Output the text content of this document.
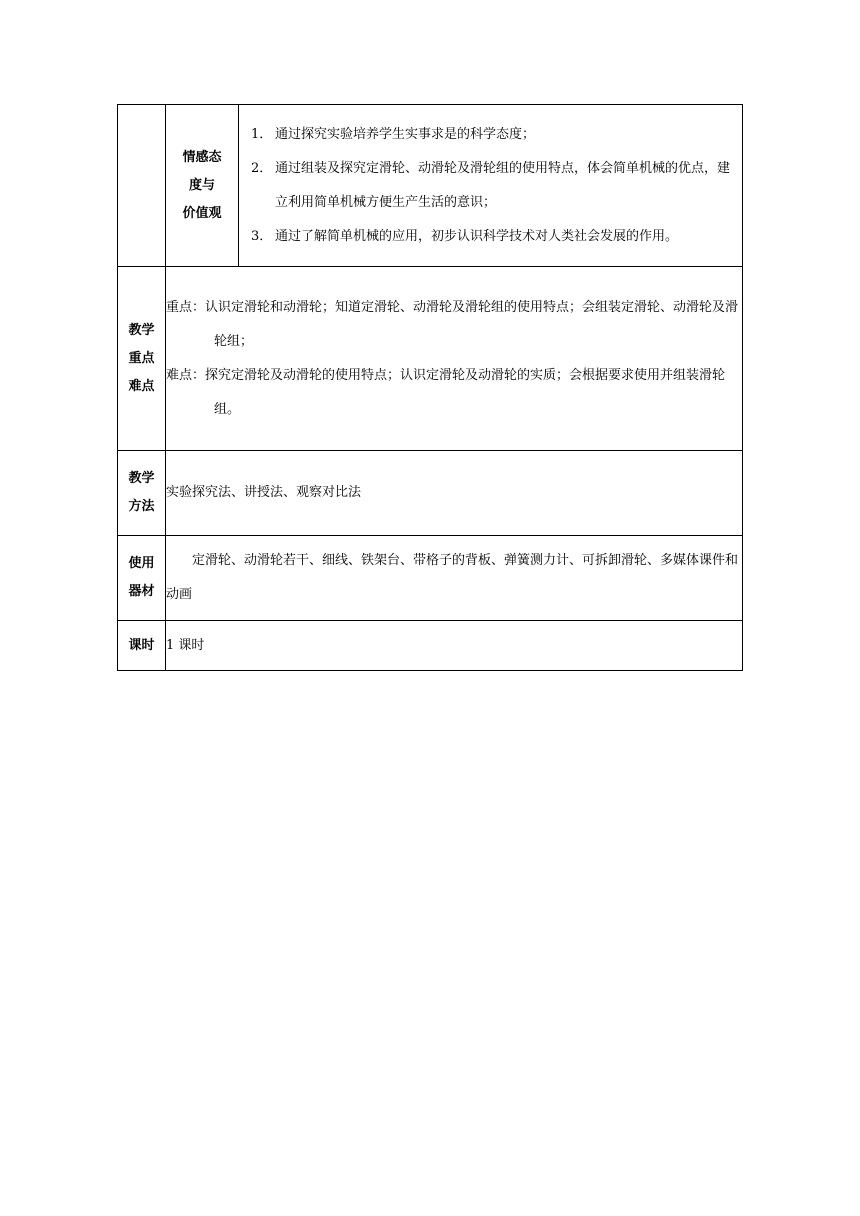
	情感态
度与
价值观	1． 通过探究实验培养学生实事求是的科学态度；
2． 通过组装及探究定滑轮、动滑轮及滑轮组的使用特点，体会简单机械的优点，建立利用简单机械方便生产生活的意识；
3． 通过了解简单机械的应用，初步认识科学技术对人类社会发展的作用。

教学
重点
难点	重点：认识定滑轮和动滑轮；知道定滑轮、动滑轮及滑轮组的使用特点；会组装定滑轮、动滑轮及滑轮组；
难点：探究定滑轮及动滑轮的使用特点；认识定滑轮及动滑轮的实质；会根据要求使用并组装滑轮组。	

教学
方法	实验探究法、讲授法、观察对比法	

使用
器材	定滑轮、动滑轮若干、细线、铁架台、带格子的背板、弹簧测力计、可拆卸滑轮、多媒体课件和动画	

课时	1 课时	
